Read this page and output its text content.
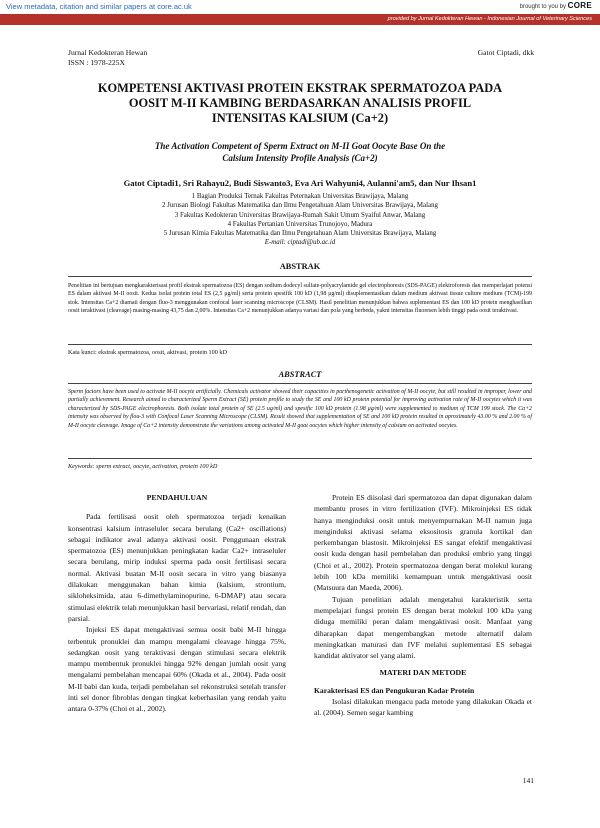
View metadata, citation and similar papers at core.ac.uk	brought to you by CORE
provided by Jurnal Kedokteran Hewan - Indonesian Journal of Veterinary Sciences
Jurnal Kedokteran Hewan
ISSN : 1978-225X
Gatot Ciptadi, dkk
KOMPETENSI AKTIVASI PROTEIN EKSTRAK SPERMATOZOA PADA
OOSIT M-II KAMBING BERDASARKAN ANALISIS PROFIL
INTENSITAS KALSIUM (Ca+2)
The Activation Competent of Sperm Extract on M-II Goat Oocyte Base On the
Calsium Intensity Profile Analysis (Ca+2)
Gatot Ciptadi1, Sri Rahayu2, Budi Siswanto3, Eva Ari Wahyuni4, Aulanni'am5, dan Nur Ihsan1
1 Bagian Produksi Ternak Fakultas Peternakan Universitas Brawijaya, Malang
2 Jurusan Biologi Fakultas Matematika dan Ilmu Pengetahuan Alam Universitas Brawijaya, Malang
3 Fakultas Kedokteran Universitas Brawijaya-Rumah Sakit Umum Syaiful Anwar, Malang
4 Fakultas Pertanian Universitas Trunojoyo, Madura
5 Jurusan Kimia Fakultas Matematika dan Ilmu Pengetahuan Alam Universitas Brawijaya, Malang
E-mail: ciptadi@ub.ac.id
ABSTRAK
Penelitian ini bertujuan mengkarakterisasi profil ekstrak spermatozoa (ES) dengan sodium dodecyl sulfate-polyacrylamide gel electrophoresis (SDS-PAGE) elektroforesis dan memperlajari potensi ES dalam aktivasi M-II oosit. Kedua isolat protein total ES (2,5 μg/ml) serta protein spesifik 100 kD (1,98 μg/ml) disuplementasikan dalam medium aktivasi tissue culture medium (TCM)-199 stok. Intensitas Ca+2 diamati dengan fluo-3 menggunakan confocal laser scanning microscope (CLSM). Hasil penelitian menunjukkan bahwa suplementasi ES dan 100 kD protein menghasilkan oosit teraktivasi (cleavage) masing-masing 43,75 dan 2,00%. Intensitas Ca+2 menunjukkan adanya variasi dan pola yang berbeda, yakni intensitas fluoresen lebih tinggi pada oosit teraktivasi.
Kata kunci: ekstrak spermatozoa, oosit, aktivasi, protein 100 kD
ABSTRACT
Sperm factors have been used to activate M-II oocyte artificially. Chemicals activator showed their capacities in parthenogenetic activation of M-II oocyte, but still resulted in improper, lower and partially achievement. Research aimed to characterized Sperm Extract (SE) protein profile to study the SE and 100 kD protein potential for improving activation rate of M-II oocytes which it was characterized by SDS-PAGE electrophoresis. Both isolate total protein of SE (2.5 ug/ml) and spesific 100 kD protein (1.98 μg/ml) were supplemented to medium of TCM 199 stock. The Ca+2 intensity was observed by flou-3 with Confocal Laser Scanning Microscope (CLSM). Result showed that supplementation of SE and 100 kD protein resulted in aproximately 43.00 % and 2.00 % of M-II oocyte cleavage. Image of Ca+2 intensity demonstrate the variations among activated M-II goat oocytes which higher intensity of calsium on activated oocytes.
Keywords: sperm extract, oocyte, activation, protein 100 kD

PENDAHULUAN

Pada fertilisasi oosit oleh spermatozoa terjadi kenaikan konsentrasi kalsium intraseluler secara berulang (Ca2+ oscillations) sebagai indikator awal adanya aktivasi oosit. Penggunaan ekstrak spermatozoa (ES) menunjukkan peningkatan kadar Ca2+ intraseluler secara berulang, mirip induksi sperma pada oosit fertilisasi secara normal. Aktivasi buatan M-II oosit secara in vitro yang biasanya dilakukan menggunakan bahan kimia (kalsium, strontium, sikloheksimida, atau 6-dimethylaminopurine, 6-DMAP) atau secara stimulasi elektrik telah menunjukkan hasil bervariasi, relatif rendah, dan parsial.

Injeksi ES dapat mengaktivasi semua oosit babi M-II hingga terbentuk pronuklei dan mampu mengalami cleavage hingga 75%, sedangkan oosit yang teraktivasi dengan stimulasi secara elektrik mampu membentuk pronuklei hingga 92% dengan jumlah oosit yang mengalami pembelahan mencapai 60% (Okada et al., 2004). Pada oosit M-II babi dan kuda, terjadi pembelahan sel rekonstruksi setelah transfer inti sel donor fibroblas dengan tingkat keberhasilan yang rendah yaitu antara 0-37% (Choi et al., 2002).

Protein ES diisolasi dari spermatozoa dan dapat digunakan dalam membantu proses in vitro fertilization (IVF). Mikroinjeksi ES tidak hanya menginduksi oosit untuk menyempurnakan M-II namun juga menginduksi aktivasi selama eksositosis granula kortikal dan perkembangan blastosit. Mikroinjeksi ES sangat efektif mengaktivasi oosit kuda dengan hasil pembelahan dan produksi embrio yang tinggi (Choi et al., 2002). Protein spermatozoa dengan berat molekul kurang lebih 100 kDa memiliki kemampuan untuk mengaktivasi oosit (Matsuura dan Maeda, 2006).

Tujuan penelitian adalah mengetahui karakteristik serta mempelajari fungsi protein ES dengan berat molekul 100 kDa yang diduga memiliki peran dalam mengaktivasi oosit. Manfaat yang diharapkan dapat mengembangkan metode alternatif dalam meningkatkan maturasi dan IVF melalui suplementasi ES sebagai kandidat aktivator sel yang alami.

MATERI DAN METODE

Karakterisasi ES dan Pengukuran Kadar Protein

Isolasi dilakukan mengacu pada metode yang dilakukan Okada et al. (2004). Semen segar kambing

141
